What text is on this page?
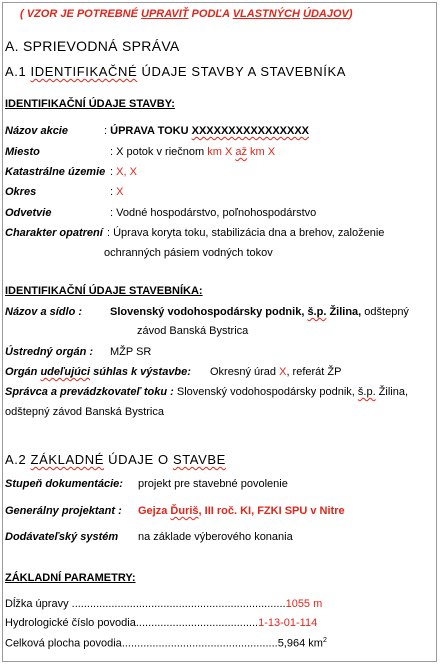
( VZOR JE POTREBNÉ UPRAVIŤ PODĽA VLASTNÝCH ÚDAJOV)
A. SPRIEVODNÁ SPRÁVA
A.1 IDENTIFIKAČNÉ ÚDAJE STAVBY A STAVEBNÍKA
IDENTIFIKAČNÍ ÚDAJE STAVBY:
Názov akcie	: ÚPRAVA TOKU XXXXXXXXXXXXXXXX
Miesto	: X potok v riečnom km X až km X
Katastrálne územie : X, X
Okres	: X
Odvetvie	: Vodné hospodárstvo, poľnohospodárstvo
Charakter opatrení : Úprava koryta toku, stabilizácia dna a brehov, založenie
ochranných pásiem vodných tokov
IDENTIFIKAČNÍ ÚDAJE STAVEBNÍKA:
Názov a sídlo :	Slovenský vodohospodársky podnik, š.p. Žilina, odštepný
závod Banská Bystrica
Ústredný orgán : MŽP SR
Orgán udeľujúci súhlas k výstavbe: Okresný úrad X, referát ŽP
Správca a prevádzkovateľ toku : Slovenský vodohospodársky podnik, š.p. Žilina,
odštepný závod Banská Bystrica
A.2 ZÁKLADNÉ ÚDAJE O STAVBE
Stupeň dokumentácie: projekt pre stavebné povolenie
Generálny projektant : Gejza Ďuriš, III roč. KI, FZKI SPU v Nitre
Dodávateľský systém na základe výberového konania
ZÁKLADNÍ PARAMETRY:
Dĺžka úpravy ......................................................................1055 m
Hydrologické číslo povodia........................................1-13-01-114
Celková plocha povodia...................................................5,964 $km^2$
